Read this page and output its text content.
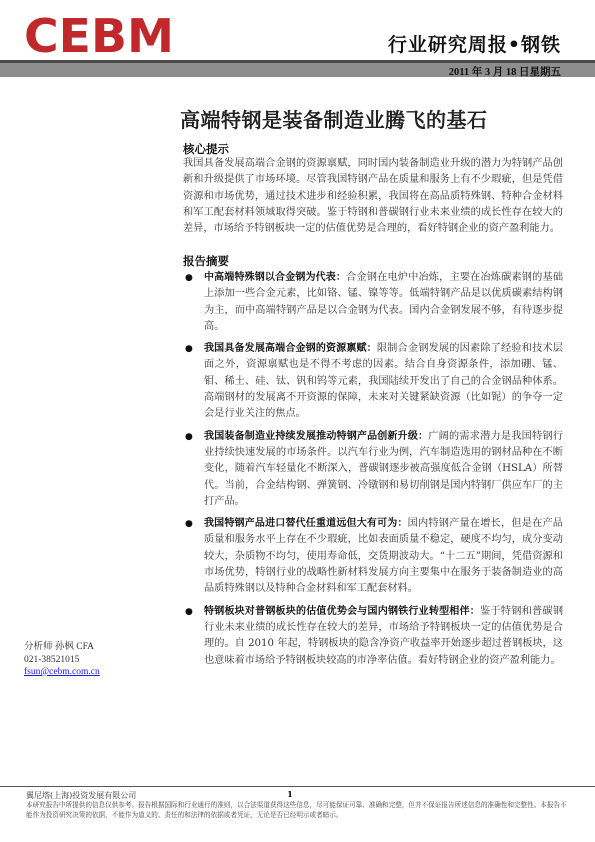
CEBM	行业研究周报•钢铁
2011 年 3 月 18 日星期五
高端特钢是装备制造业腾飞的基石
核心提示
我国具备发展高端合金钢的资源禀赋，同时国内装备制造业升级的潜力为特钢产品创新和升级提供了市场环境。尽管我国特钢产品在质量和服务上有不少瑕疵，但是凭借资源和市场优势，通过技术进步和经验积累，我国将在高品质特殊钢、特种合金材料和军工配套材料领域取得突破。鉴于特钢和普碳钢行业未来业绩的成长性存在较大的差异，市场给予特钢板块一定的估值优势是合理的，看好特钢企业的资产盈利能力。
报告摘要
● 中高端特殊钢以合金钢为代表：合金钢在电炉中冶炼，主要在冶炼碳素钢的基础上添加一些合金元素，比如铬、锰、镍等等。低端特钢产品是以优质碳素结构钢为主，而中高端特钢产品是以合金钢为代表。国内合金钢发展不够，有待逐步提高。
● 我国具备发展高端合金钢的资源禀赋：限制合金钢发展的因素除了经验和技术层面之外，资源禀赋也是不得不考虑的因素。结合自身资源条件，添加硼、锰、钼、稀土、硅、钛、钒和钨等元素，我国陆续开发出了自己的合金钢品种体系。高端钢材的发展离不开资源的保障，未来对关键紧缺资源（比如铌）的争夺一定会是行业关注的焦点。
● 我国装备制造业持续发展推动特钢产品创新升级：广阔的需求潜力是我国特钢行业持续快速发展的市场条件。以汽车行业为例，汽车制造选用的钢材品种在不断变化，随着汽车轻量化不断深入，普碳钢逐步被高强度低合金钢（HSLA）所替代。当前，合金结构钢、弹簧钢、冷镦钢和易切削钢是国内特钢厂供应车厂的主打产品。
● 我国特钢产品进口替代任重道远但大有可为：国内特钢产量在增长，但是在产品质量和服务水平上存在不少瑕疵，比如表面质量不稳定，硬度不均匀，成分变动较大，杂质物不均匀，使用寿命低，交货期波动大。“十二五”期间，凭借资源和市场优势，特钢行业的战略性新材料发展方向主要集中在服务于装备制造业的高品质特殊钢以及特种合金材料和军工配套材料。
● 特钢板块对普钢板块的估值优势会与国内钢铁行业转型相伴：鉴于特钢和普碳钢行业未来业绩的成长性存在较大的差异，市场给予特钢板块一定的估值优势是合理的。自 2010 年起，特钢板块的隐含净资产收益率开始逐步超过普钢板块，这也意味着市场给予特钢板块较高的市净率估值。看好特钢企业的资产盈利能力。
分析师 孙枫 CFA
021-38521015
fsun@cebm.com.cn
翼尼塔(上海)投资发展有限公司	1
本研究报告中所提供的信息仅供参考。报告根据国际和行业通行的准则，以合法渠道获得这些信息，尽可能保证可靠、准确和完整，但并不保证报告所述信息的准确性和完整性。本报告不能作为投资研究决策的依据，不能作为道义的、责任的和法律的依据或者凭证，无论是否已经明示或者暗示。
